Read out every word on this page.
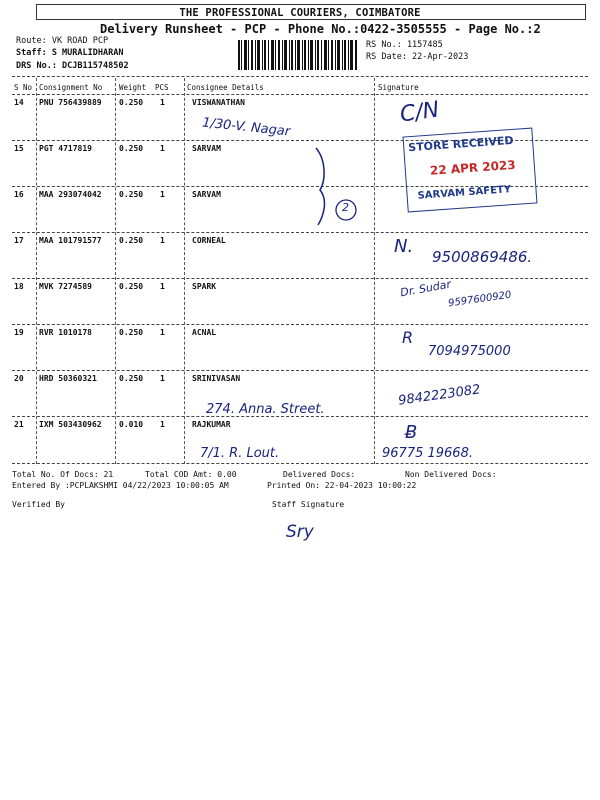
THE PROFESSIONAL COURIERS, COIMBATORE
Delivery Runsheet - PCP - Phone No.:0422-3505555 - Page No.:2
Route: VK ROAD PCP
Staff: S MURALIDHARAN
DRS No.: DCJB115748502
RS No.: 1157485
RS Date: 22-Apr-2023
S No Consignment No Weight PCS Consignee Details	Signature
14 PNU 756439889 0.250 1	VISWANATHAN
15 PGT 4717819	0.250 1	SARVAM
16 MAA 293074042 0.250 1	SARVAM
17 MAA 101791577 0.250 1	CORNEAL
18 MVK 7274589	0.250 1	SPARK
19 RVR 1010178	0.250 1	ACNAL
20 HRD 50360321	0.250 1	SRINIVASAN
21 IXM 503430962 0.010 1	RAJKUMAR
1/30-V. Nagar
2
C/N
STORE RECEIVED
22 APR 2023
SARVAM SAFETY
N. 9500869486.
Dr. Sudar
9597600920
R
7094975000
274. Anna. Street.
9842223082
7/1. R. Lout.
Ƀ
96775 19668.
Total No. Of Docs: 21	Total COD Amt: 0.00	Delivered Docs:	Non Delivered Docs:
Entered By :PCPLAKSHMI 04/22/2023 10:00:05 AM	Printed On: 22-04-2023 10:00:22
Verified By	Staff Signature
Sry
